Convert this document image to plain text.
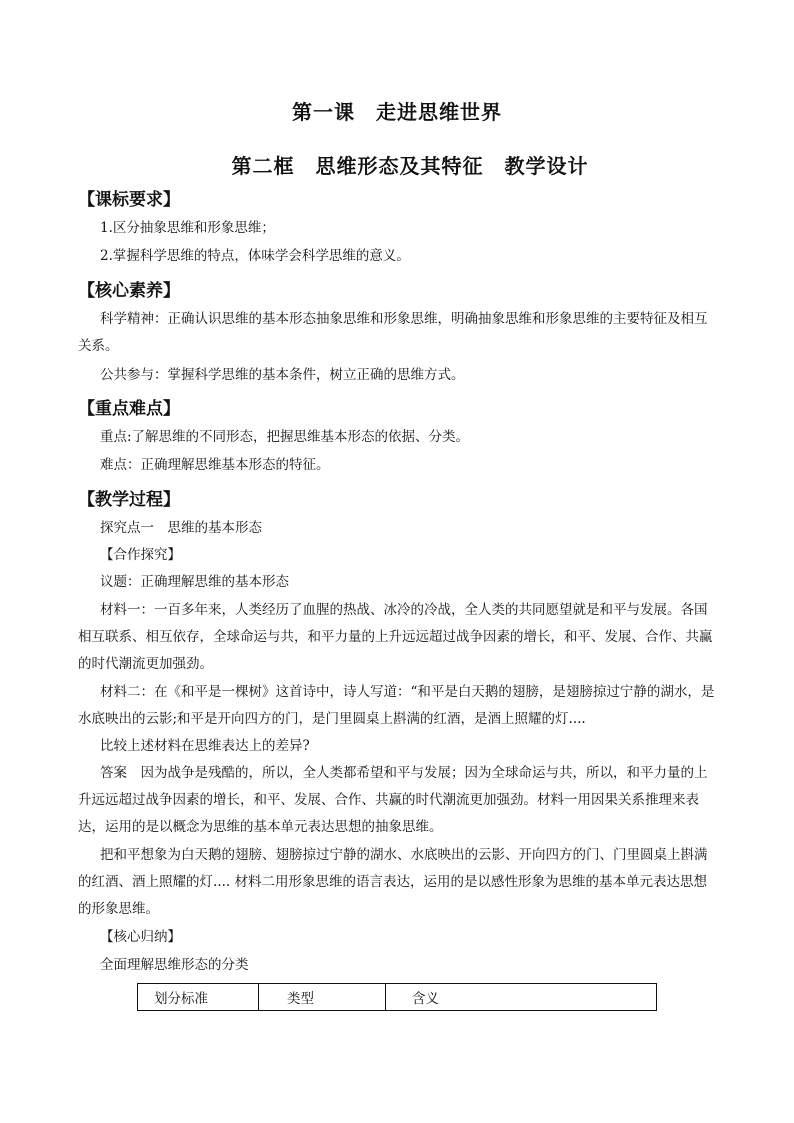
第一课　走进思维世界
第二框　思维形态及其特征　教学设计
【课标要求】
1.区分抽象思维和形象思维；
2.掌握科学思维的特点，体味学会科学思维的意义。
【核心素养】
科学精神：正确认识思维的基本形态抽象思维和形象思维，明确抽象思维和形象思维的主要特征及相互关系。
公共参与：掌握科学思维的基本条件，树立正确的思维方式。
【重点难点】
重点:了解思维的不同形态，把握思维基本形态的依据、分类。
难点：正确理解思维基本形态的特征。
【教学过程】
探究点一　思维的基本形态
【合作探究】
议题：正确理解思维的基本形态
材料一：一百多年来，人类经历了血腥的热战、冰冷的冷战，全人类的共同愿望就是和平与发展。各国相互联系、相互依存，全球命运与共，和平力量的上升远远超过战争因素的增长，和平、发展、合作、共赢的时代潮流更加强劲。
材料二：在《和平是一棵树》这首诗中，诗人写道：“和平是白天鹅的翅膀，是翅膀掠过宁静的湖水，是水底映出的云影;和平是开向四方的门，是门里圆桌上斟满的红酒，是酒上照耀的灯....
比较上述材料在思维表达上的差异?
答案　因为战争是残酷的，所以，全人类都希望和平与发展；因为全球命运与共，所以，和平力量的上升远远超过战争因素的增长，和平、发展、合作、共赢的时代潮流更加强劲。材料一用因果关系推理来表达，运用的是以概念为思维的基本单元表达思想的抽象思维。
把和平想象为白天鹅的翅膀、翅膀掠过宁静的湖水、水底映出的云影、开向四方的门、门里圆桌上斟满的红酒、酒上照耀的灯.... 材料二用形象思维的语言表达，运用的是以感性形象为思维的基本单元表达思想的形象思维。
【核心归纳】
全面理解思维形态的分类
划分标准	类型	含义
